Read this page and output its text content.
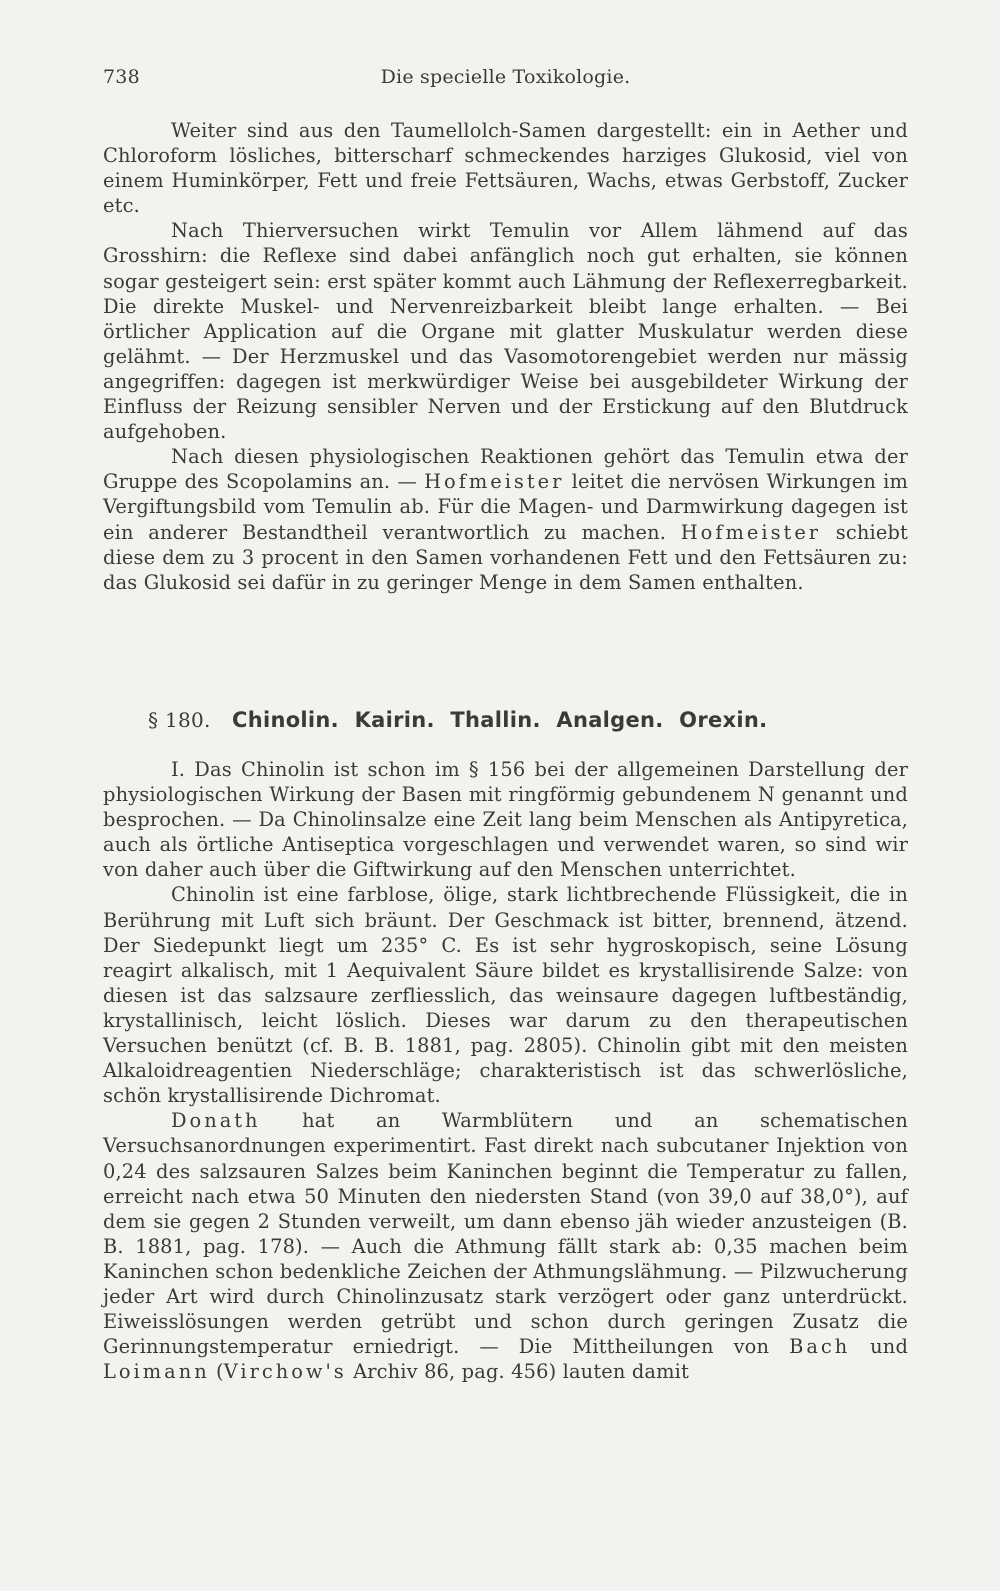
738	Die specielle Toxikologie.

Weiter sind aus den Taumellolch-Samen dargestellt: ein in Aether und Chloroform lösliches, bitterscharf schmeckendes harziges Glukosid, viel von einem Huminkörper, Fett und freie Fettsäuren, Wachs, etwas Gerbstoff, Zucker etc.

Nach Thierversuchen wirkt Temulin vor Allem lähmend auf das Grosshirn: die Reflexe sind dabei anfänglich noch gut erhalten, sie können sogar gesteigert sein: erst später kommt auch Lähmung der Reflexerregbarkeit. Die direkte Muskel- und Nervenreizbarkeit bleibt lange erhalten. — Bei örtlicher Application auf die Organe mit glatter Muskulatur werden diese gelähmt. — Der Herzmuskel und das Vasomotorengebiet werden nur mässig angegriffen: dagegen ist merkwürdiger Weise bei ausgebildeter Wirkung der Einfluss der Reizung sensibler Nerven und der Erstickung auf den Blutdruck aufgehoben.

Nach diesen physiologischen Reaktionen gehört das Temulin etwa der Gruppe des Scopolamins an. — Hofmeister leitet die nervösen Wirkungen im Vergiftungsbild vom Temulin ab. Für die Magen- und Darmwirkung dagegen ist ein anderer Bestandtheil verantwortlich zu machen. Hofmeister schiebt diese dem zu 3 procent in den Samen vorhandenen Fett und den Fettsäuren zu: das Glukosid sei dafür in zu geringer Menge in dem Samen enthalten.

§ 180. Chinolin. Kairin. Thallin. Analgen. Orexin.

I. Das Chinolin ist schon im § 156 bei der allgemeinen Darstellung der physiologischen Wirkung der Basen mit ringförmig gebundenem N genannt und besprochen. — Da Chinolinsalze eine Zeit lang beim Menschen als Antipyretica, auch als örtliche Antiseptica vorgeschlagen und verwendet waren, so sind wir von daher auch über die Giftwirkung auf den Menschen unterrichtet.

Chinolin ist eine farblose, ölige, stark lichtbrechende Flüssigkeit, die in Berührung mit Luft sich bräunt. Der Geschmack ist bitter, brennend, ätzend. Der Siedepunkt liegt um 235° C. Es ist sehr hygroskopisch, seine Lösung reagirt alkalisch, mit 1 Aequivalent Säure bildet es krystallisirende Salze: von diesen ist das salzsaure zerfliesslich, das weinsaure dagegen luftbeständig, krystallinisch, leicht löslich. Dieses war darum zu den therapeutischen Versuchen benützt (cf. B. B. 1881, pag. 2805). Chinolin gibt mit den meisten Alkaloidreagentien Niederschläge; charakteristisch ist das schwerlösliche, schön krystallisirende Dichromat.

Donath hat an Warmblütern und an schematischen Versuchsanordnungen experimentirt. Fast direkt nach subcutaner Injektion von 0,24 des salzsauren Salzes beim Kaninchen beginnt die Temperatur zu fallen, erreicht nach etwa 50 Minuten den niedersten Stand (von 39,0 auf 38,0°), auf dem sie gegen 2 Stunden verweilt, um dann ebenso jäh wieder anzusteigen (B. B. 1881, pag. 178). — Auch die Athmung fällt stark ab: 0,35 machen beim Kaninchen schon bedenkliche Zeichen der Athmungslähmung. — Pilzwucherung jeder Art wird durch Chinolinzusatz stark verzögert oder ganz unterdrückt. Eiweisslösungen werden getrübt und schon durch geringen Zusatz die Gerinnungstemperatur erniedrigt. — Die Mittheilungen von Bach und Loimann (Virchow's Archiv 86, pag. 456) lauten damit
